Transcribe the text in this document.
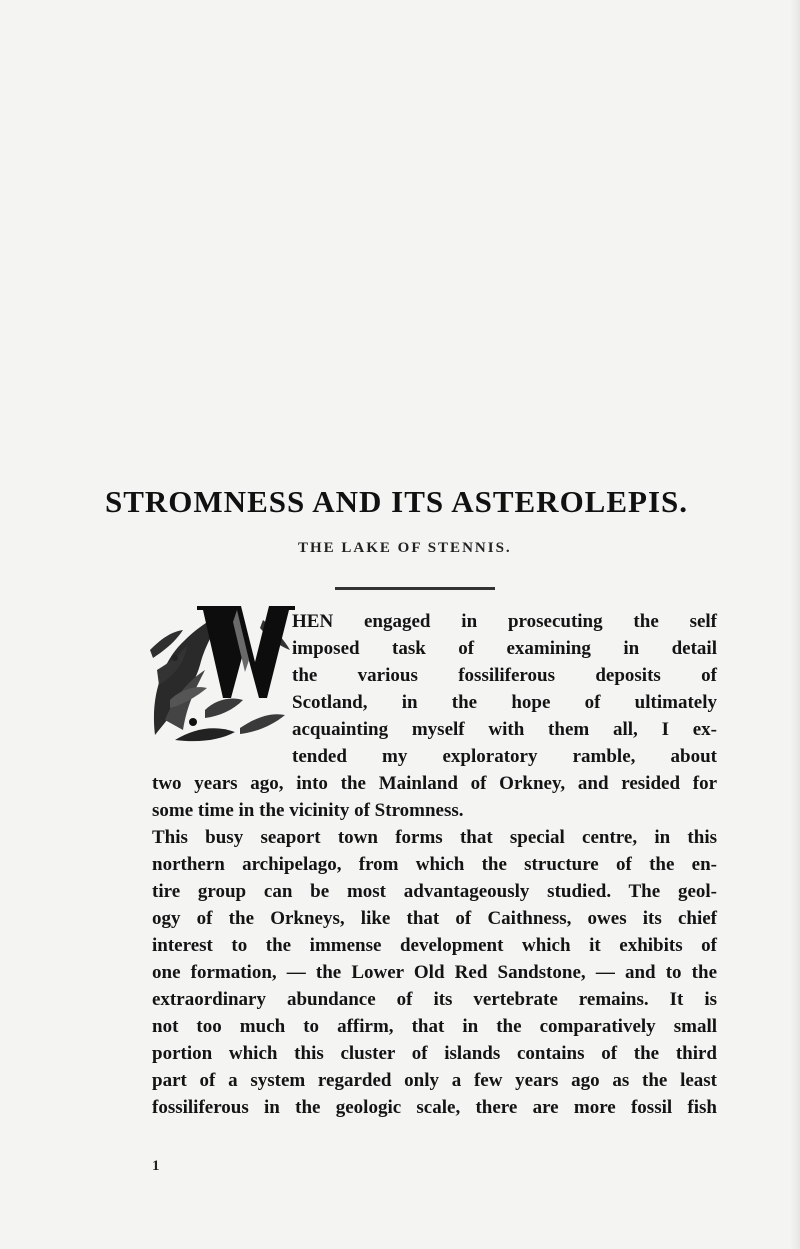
STROMNESS AND ITS ASTEROLEPIS.
THE LAKE OF STENNIS.
HEN engaged in prosecuting the self
imposed task of examining in detail
the various fossiliferous deposits of
Scotland, in the hope of ultimately
acquainting myself with them all, I ex-
tended my exploratory ramble, about
two years ago, into the Mainland of Orkney, and resided for
some time in the vicinity of Stromness.
This busy seaport town forms that special centre, in this
northern archipelago, from which the structure of the en-
tire group can be most advantageously studied. The geol-
ogy of the Orkneys, like that of Caithness, owes its chief
interest to the immense development which it exhibits of
one formation, — the Lower Old Red Sandstone, — and to the
extraordinary abundance of its vertebrate remains. It is
not too much to affirm, that in the comparatively small
portion which this cluster of islands contains of the third
part of a system regarded only a few years ago as the least
fossiliferous in the geologic scale, there are more fossil fish
1
